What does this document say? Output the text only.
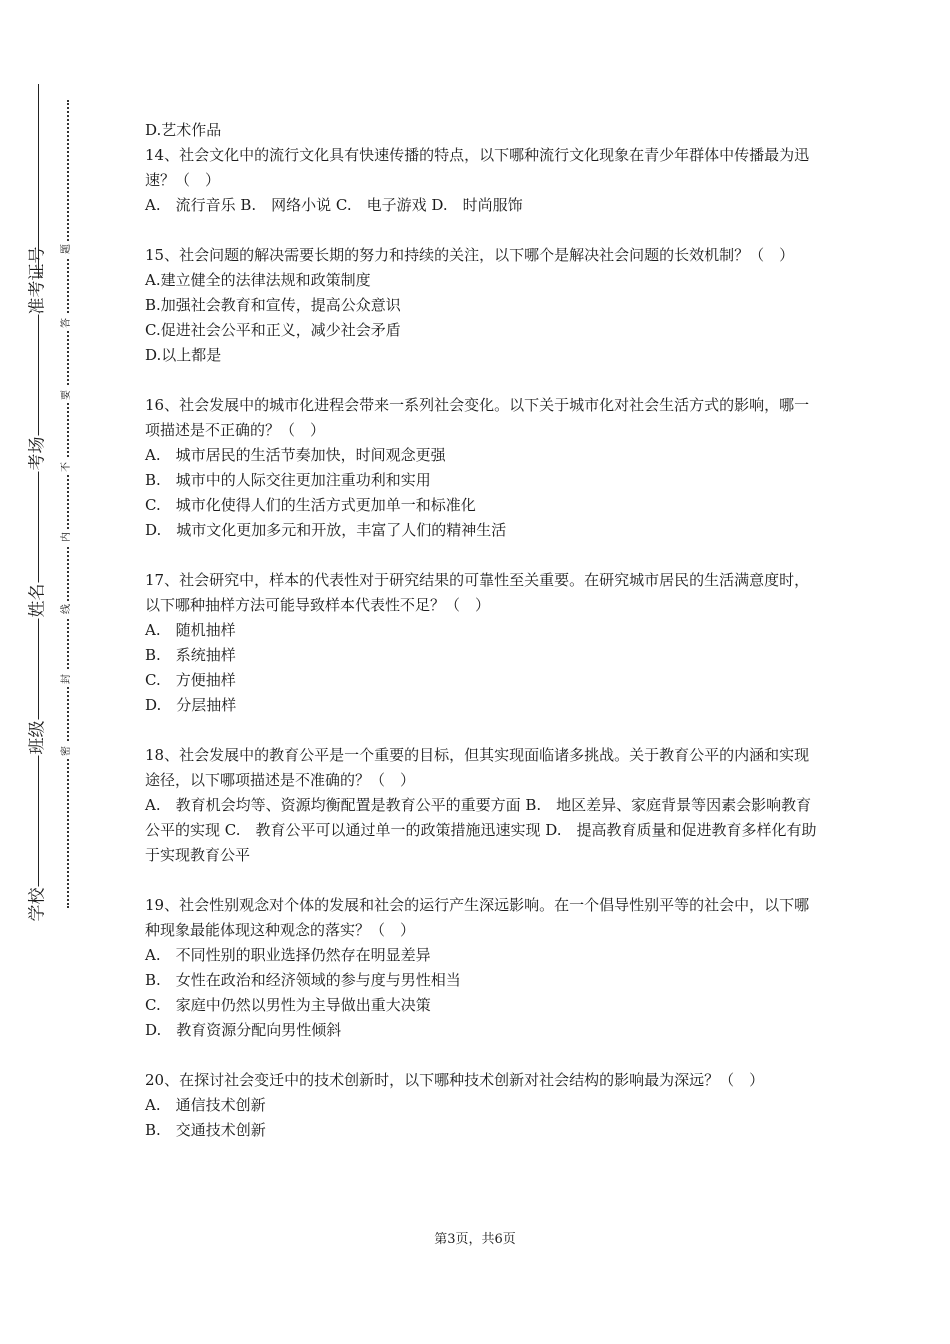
学校
班级
姓名
考场
准考证号
密
封
线
内
不
要
答
题

D.艺术作品

14、社会文化中的流行文化具有快速传播的特点，以下哪种流行文化现象在青少年群体中传播最为迅速？（　）

A.　流行音乐 B.　网络小说 C.　电子游戏 D.　时尚服饰

15、社会问题的解决需要长期的努力和持续的关注，以下哪个是解决社会问题的长效机制？（　）

A.建立健全的法律法规和政策制度

B.加强社会教育和宣传，提高公众意识

C.促进社会公平和正义，减少社会矛盾

D.以上都是

16、社会发展中的城市化进程会带来一系列社会变化。以下关于城市化对社会生活方式的影响，哪一项描述是不正确的？（　）

A.　城市居民的生活节奏加快，时间观念更强

B.　城市中的人际交往更加注重功利和实用

C.　城市化使得人们的生活方式更加单一和标准化

D.　城市文化更加多元和开放，丰富了人们的精神生活

17、社会研究中，样本的代表性对于研究结果的可靠性至关重要。在研究城市居民的生活满意度时，以下哪种抽样方法可能导致样本代表性不足？（　）

A.　随机抽样

B.　系统抽样

C.　方便抽样

D.　分层抽样

18、社会发展中的教育公平是一个重要的目标，但其实现面临诸多挑战。关于教育公平的内涵和实现途径，以下哪项描述是不准确的？（　）

A.　教育机会均等、资源均衡配置是教育公平的重要方面 B.　地区差异、家庭背景等因素会影响教育公平的实现 C.　教育公平可以通过单一的政策措施迅速实现 D.　提高教育质量和促进教育多样化有助于实现教育公平

19、社会性别观念对个体的发展和社会的运行产生深远影响。在一个倡导性别平等的社会中，以下哪种现象最能体现这种观念的落实？（　）

A.　不同性别的职业选择仍然存在明显差异

B.　女性在政治和经济领域的参与度与男性相当

C.　家庭中仍然以男性为主导做出重大决策

D.　教育资源分配向男性倾斜

20、在探讨社会变迁中的技术创新时，以下哪种技术创新对社会结构的影响最为深远？（　）

A.　通信技术创新

B.　交通技术创新

第3页，共6页
